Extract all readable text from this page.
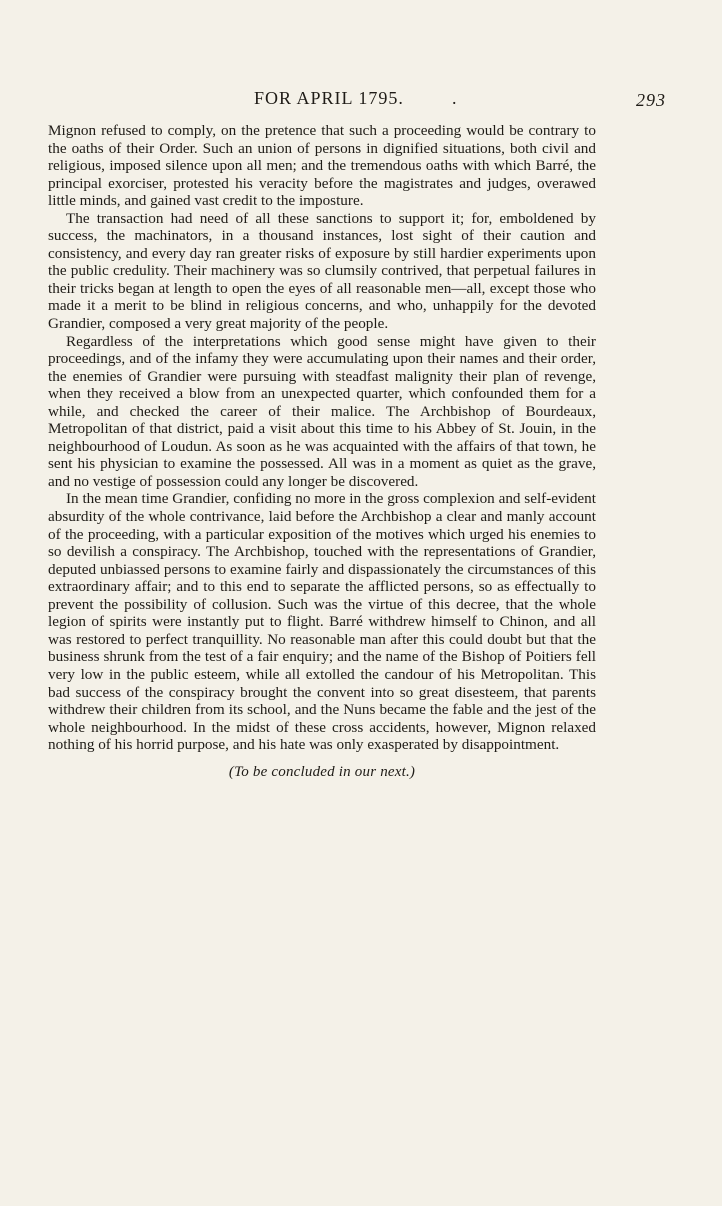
FOR APRIL 1795.	.	293

Mignon refused to comply, on the pretence that such a proceeding would be contrary to the oaths of their Order. Such an union of persons in dignified situations, both civil and religious, imposed silence upon all men; and the tremendous oaths with which Barré, the principal exorciser, protested his veracity before the magistrates and judges, overawed little minds, and gained vast credit to the imposture.

The transaction had need of all these sanctions to support it; for, emboldened by success, the machinators, in a thousand instances, lost sight of their caution and consistency, and every day ran greater risks of exposure by still hardier experiments upon the public credulity. Their machinery was so clumsily contrived, that perpetual failures in their tricks began at length to open the eyes of all reasonable men—all, except those who made it a merit to be blind in religious concerns, and who, unhappily for the devoted Grandier, composed a very great majority of the people.

Regardless of the interpretations which good sense might have given to their proceedings, and of the infamy they were accumulating upon their names and their order, the enemies of Grandier were pursuing with steadfast malignity their plan of revenge, when they received a blow from an unexpected quarter, which confounded them for a while, and checked the career of their malice. The Archbishop of Bourdeaux, Metropolitan of that district, paid a visit about this time to his Abbey of St. Jouin, in the neighbourhood of Loudun. As soon as he was acquainted with the affairs of that town, he sent his physician to examine the possessed. All was in a moment as quiet as the grave, and no vestige of possession could any longer be discovered.

In the mean time Grandier, confiding no more in the gross complexion and self-evident absurdity of the whole contrivance, laid before the Archbishop a clear and manly account of the proceeding, with a particular exposition of the motives which urged his enemies to so devilish a conspiracy. The Archbishop, touched with the representations of Grandier, deputed unbiassed persons to examine fairly and dispassionately the circumstances of this extraordinary affair; and to this end to separate the afflicted persons, so as effectually to prevent the possibility of collusion. Such was the virtue of this decree, that the whole legion of spirits were instantly put to flight. Barré withdrew himself to Chinon, and all was restored to perfect tranquillity. No reasonable man after this could doubt but that the business shrunk from the test of a fair enquiry; and the name of the Bishop of Poitiers fell very low in the public esteem, while all extolled the candour of his Metropolitan. This bad success of the conspiracy brought the convent into so great disesteem, that parents withdrew their children from its school, and the Nuns became the fable and the jest of the whole neighbourhood. In the midst of these cross accidents, however, Mignon relaxed nothing of his horrid purpose, and his hate was only exasperated by disappointment.

(To be concluded in our next.)
